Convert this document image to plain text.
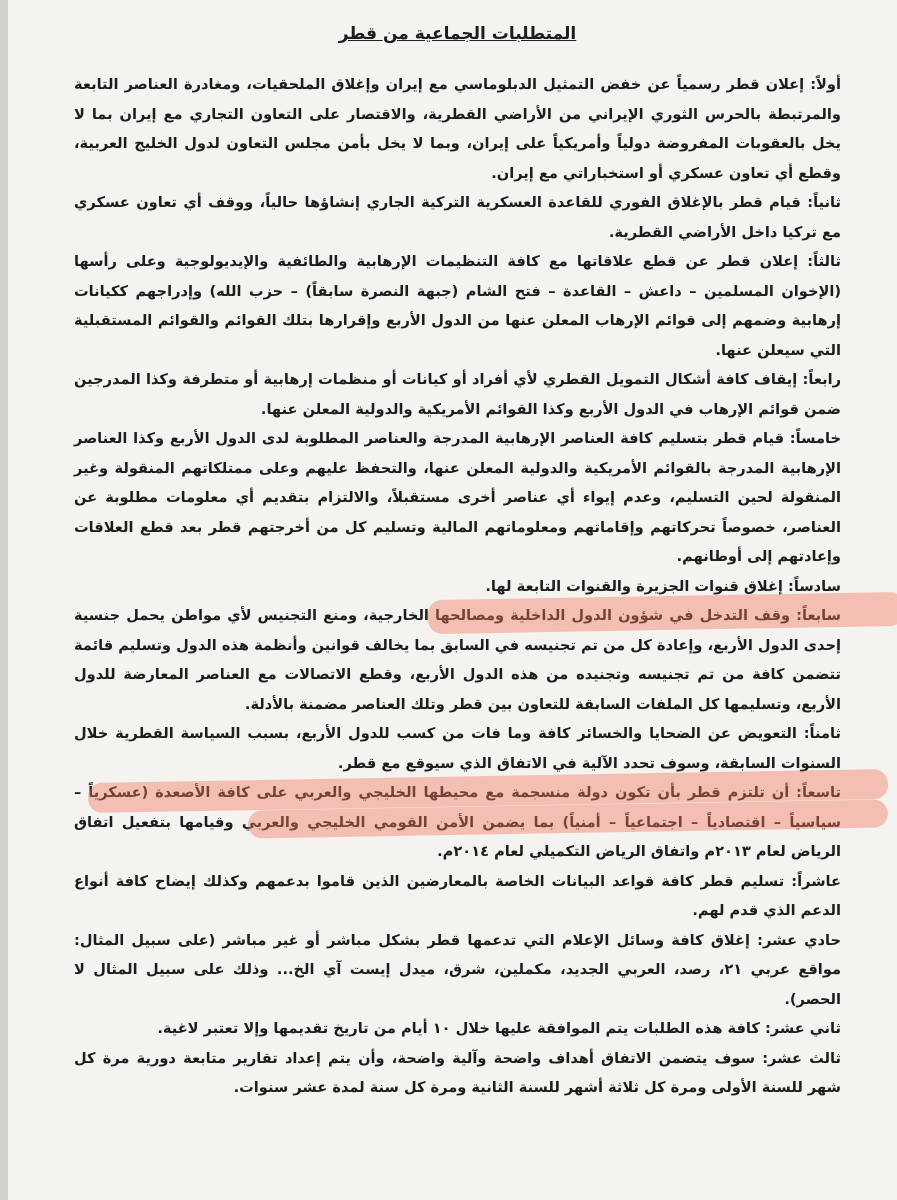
المتطلبات الجماعية من قطر

أولاً: إعلان قطر رسمياً عن خفض التمثيل الدبلوماسي مع إيران وإغلاق الملحقيات، ومغادرة العناصر التابعة والمرتبطة بالحرس الثوري الإيراني من الأراضي القطرية، والاقتصار على التعاون التجاري مع إيران بما لا يخل بالعقوبات المفروضة دولياً وأمريكياً على إيران، وبما لا يخل بأمن مجلس التعاون لدول الخليج العربية، وقطع أي تعاون عسكري أو استخباراتي مع إيران.

ثانياً: قيام قطر بالإغلاق الفوري للقاعدة العسكرية التركية الجاري إنشاؤها حالياً، ووقف أي تعاون عسكري مع تركيا داخل الأراضي القطرية.

ثالثاً: إعلان قطر عن قطع علاقاتها مع كافة التنظيمات الإرهابية والطائفية والإيديولوجية وعلى رأسها (الإخوان المسلمين – داعش – القاعدة – فتح الشام (جبهة النصرة سابقاً) – حزب الله) وإدراجهم ككيانات إرهابية وضمهم إلى قوائم الإرهاب المعلن عنها من الدول الأربع وإقرارها بتلك القوائم والقوائم المستقبلية التي سيعلن عنها.

رابعاً: إيقاف كافة أشكال التمويل القطري لأي أفراد أو كيانات أو منظمات إرهابية أو متطرفة وكذا المدرجين ضمن قوائم الإرهاب في الدول الأربع وكذا القوائم الأمريكية والدولية المعلن عنها.

خامساً: قيام قطر بتسليم كافة العناصر الإرهابية المدرجة والعناصر المطلوبة لدى الدول الأربع وكذا العناصر الإرهابية المدرجة بالقوائم الأمريكية والدولية المعلن عنها، والتحفظ عليهم وعلى ممتلكاتهم المنقولة وغير المنقولة لحين التسليم، وعدم إيواء أي عناصر أخرى مستقبلاً، والالتزام بتقديم أي معلومات مطلوبة عن العناصر، خصوصاً تحركاتهم وإقاماتهم ومعلوماتهم المالية وتسليم كل من أخرجتهم قطر بعد قطع العلاقات وإعادتهم إلى أوطانهم.

سادساً: إغلاق قنوات الجزيرة والقنوات التابعة لها.

سابعاً: وقف التدخل في شؤون الدول الداخلية ومصالحها الخارجية، ومنع التجنيس لأي مواطن يحمل جنسية إحدى الدول الأربع، وإعادة كل من تم تجنيسه في السابق بما يخالف قوانين وأنظمة هذه الدول وتسليم قائمة تتضمن كافة من تم تجنيسه وتجنيده من هذه الدول الأربع، وقطع الاتصالات مع العناصر المعارضة للدول الأربع، وتسليمها كل الملفات السابقة للتعاون بين قطر وتلك العناصر مضمنة بالأدلة.

ثامناً: التعويض عن الضحايا والخسائر كافة وما فات من كسب للدول الأربع، بسبب السياسة القطرية خلال السنوات السابقة، وسوف تحدد الآلية في الاتفاق الذي سيوقع مع قطر.

تاسعاً: أن تلتزم قطر بأن تكون دولة منسجمة مع محيطها الخليجي والعربي على كافة الأصعدة (عسكرياً – سياسياً – اقتصادياً – اجتماعياً – أمنياً) بما يضمن الأمن القومي الخليجي والعربي وقيامها بتفعيل اتفاق الرياض لعام ٢٠١٣م واتفاق الرياض التكميلي لعام ٢٠١٤م.

عاشراً: تسليم قطر كافة قواعد البيانات الخاصة بالمعارضين الذين قاموا بدعمهم وكذلك إيضاح كافة أنواع الدعم الذي قدم لهم.

حادي عشر: إغلاق كافة وسائل الإعلام التي تدعمها قطر بشكل مباشر أو غير مباشر (على سبيل المثال: مواقع عربي ٢١، رصد، العربي الجديد، مكملين، شرق، ميدل إيست آي الخ... وذلك على سبيل المثال لا الحصر).

ثاني عشر: كافة هذه الطلبات يتم الموافقة عليها خلال ١٠ أيام من تاريخ تقديمها وإلا تعتبر لاغية.

ثالث عشر: سوف يتضمن الاتفاق أهداف واضحة وآلية واضحة، وأن يتم إعداد تقارير متابعة دورية مرة كل شهر للسنة الأولى ومرة كل ثلاثة أشهر للسنة الثانية ومرة كل سنة لمدة عشر سنوات.
